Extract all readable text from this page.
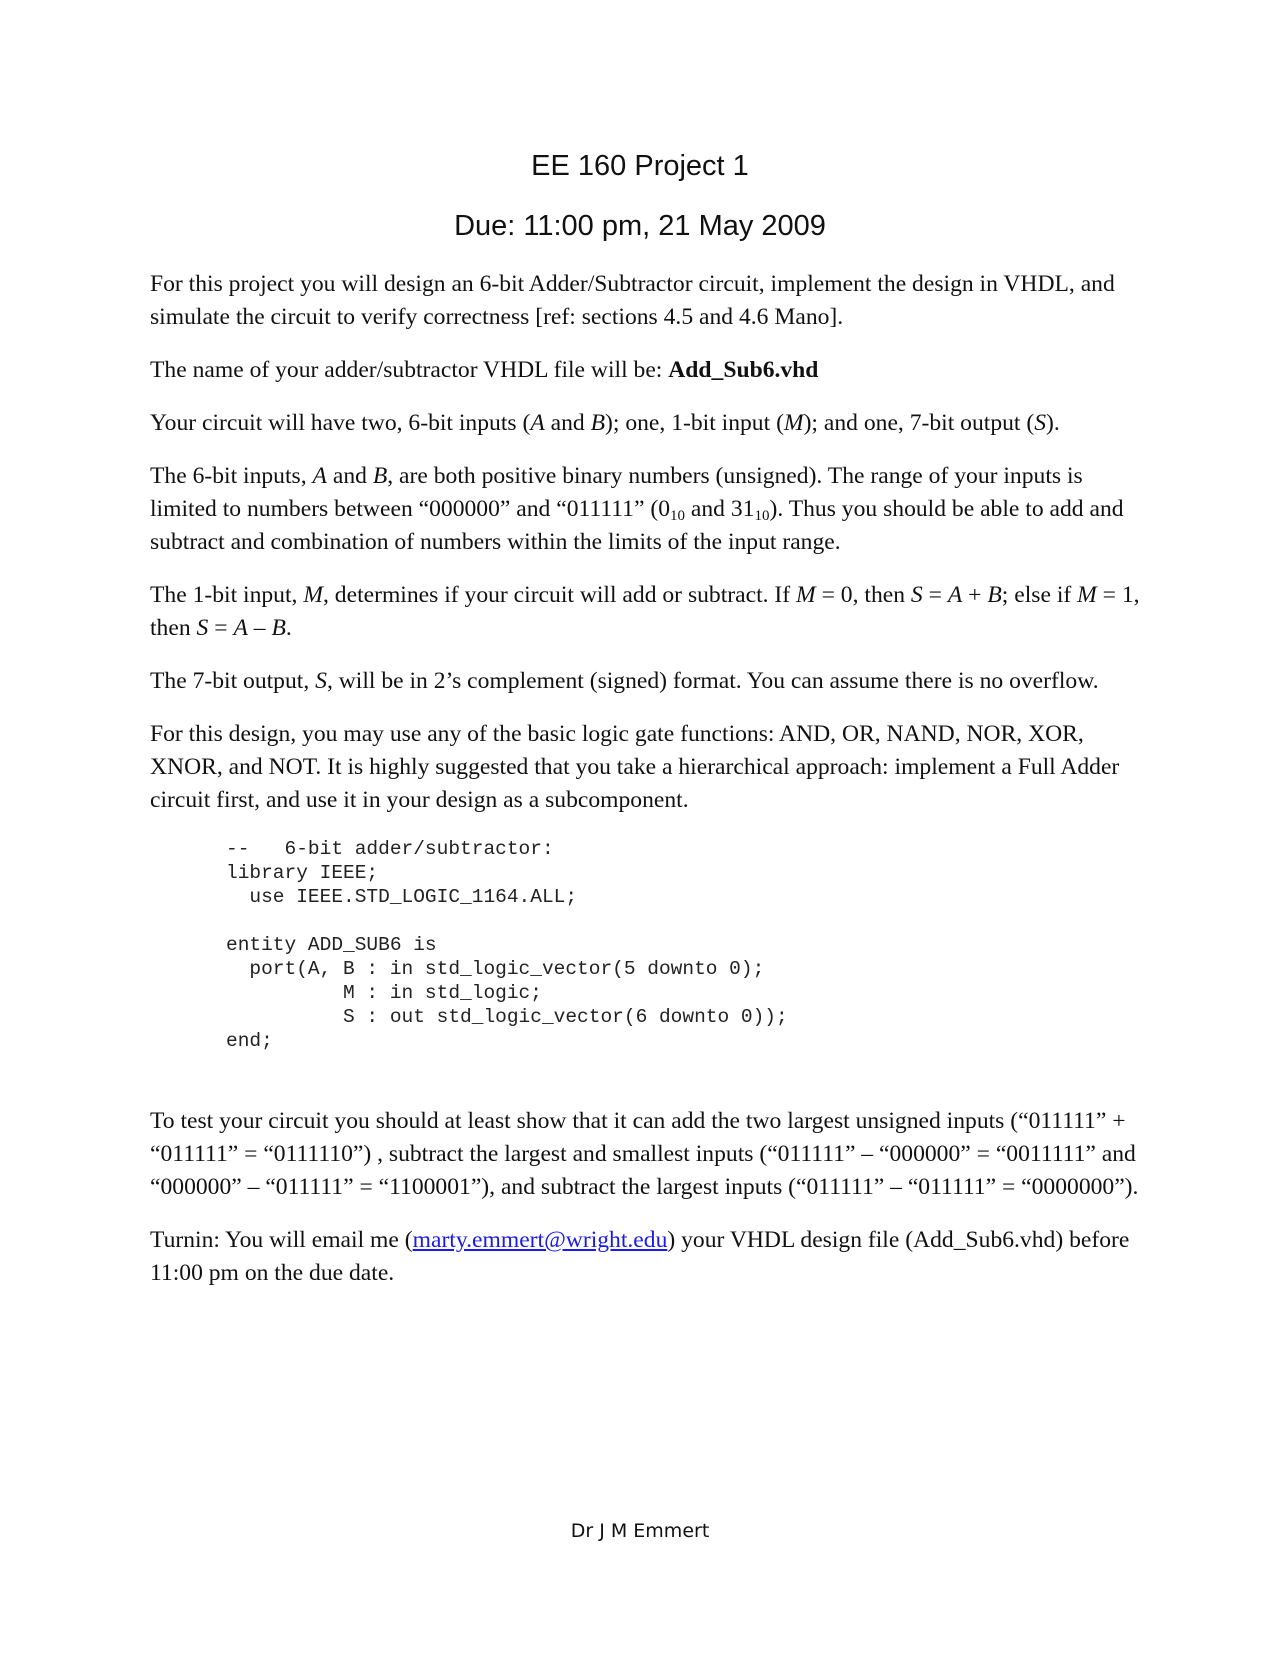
EE 160 Project 1
Due: 11:00 pm, 21 May 2009

For this project you will design an 6-bit Adder/Subtractor circuit, implement the design in VHDL, and simulate the circuit to verify correctness [ref: sections 4.5 and 4.6 Mano].

The name of your adder/subtractor VHDL file will be: Add_Sub6.vhd

Your circuit will have two, 6-bit inputs (A and B); one, 1-bit input (M); and one, 7-bit output (S).

The 6-bit inputs, A and B, are both positive binary numbers (unsigned). The range of your inputs is limited to numbers between “000000” and “011111” ($0_{10}$ and $31_{10}$). Thus you should be able to add and subtract and combination of numbers within the limits of the input range.

The 1-bit input, M, determines if your circuit will add or subtract. If M = 0, then S = A + B; else if M = 1, then S = A – B.

The 7-bit output, S, will be in 2’s complement (signed) format. You can assume there is no overflow.

For this design, you may use any of the basic logic gate functions: AND, OR, NAND, NOR, XOR, XNOR, and NOT. It is highly suggested that you take a hierarchical approach: implement a Full Adder circuit first, and use it in your design as a subcomponent.

--   6-bit adder/subtractor:
library IEEE;
use IEEE.STD_LOGIC_1164.ALL;

entity ADD_SUB6 is
port(A, B : in std_logic_vector(5 downto 0);
M : in std_logic;
S : out std_logic_vector(6 downto 0));
end;

To test your circuit you should at least show that it can add the two largest unsigned inputs (“011111” + “011111” = “0111110”) , subtract the largest and smallest inputs (“011111” – “000000” = “0011111” and “000000” – “011111” = “1100001”), and subtract the largest inputs (“011111” – “011111” = “0000000”).

Turnin: You will email me (marty.emmert@wright.edu) your VHDL design file (Add_Sub6.vhd) before 11:00 pm on the due date.

Dr J M Emmert
